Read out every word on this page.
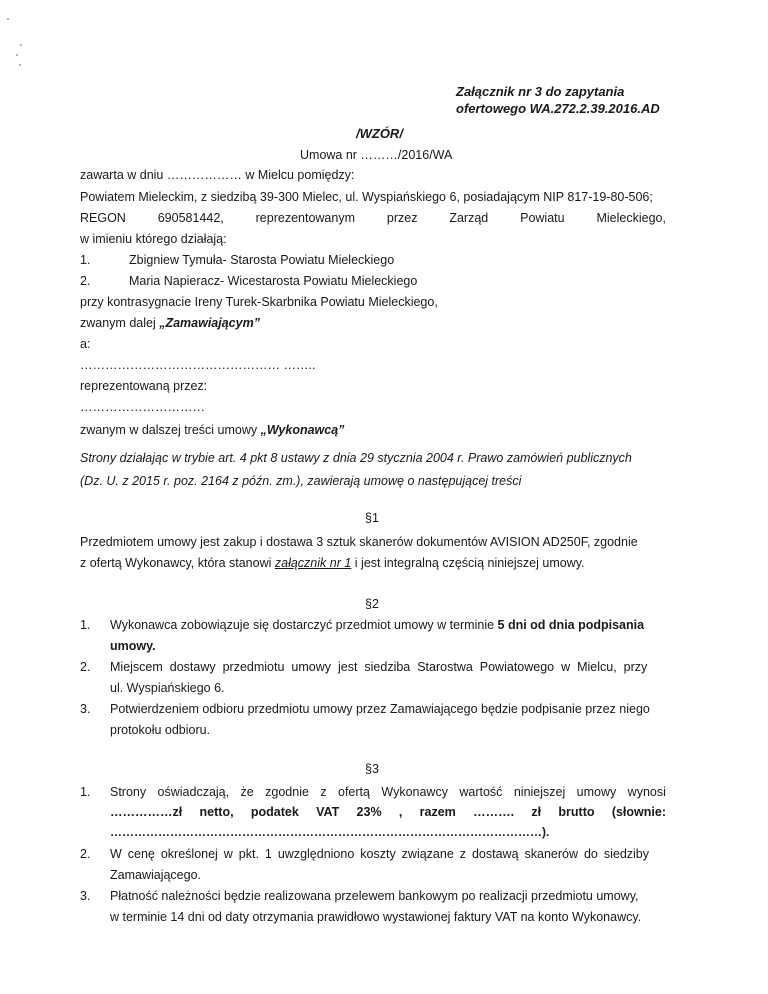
Załącznik nr 3 do zapytania
ofertowego WA.272.2.39.2016.AD
/WZÓR/
Umowa nr ………/2016/WA
zawarta w dniu ……………… w Mielcu pomiędzy:
Powiatem Mieleckim, z siedzibą 39-300 Mielec, ul. Wyspiańskiego 6, posiadającym NIP 817-19-80-506;
REGON	690581442,	reprezentowanym	przez	Zarząd	Powiatu	Mieleckiego,
w imieniu którego działają:
1.	Zbigniew Tymuła- Starosta Powiatu Mieleckiego
2.	Maria Napieracz- Wicestarosta Powiatu Mieleckiego
przy kontrasygnacie Ireny Turek-Skarbnika Powiatu Mieleckiego,
zwanym dalej „Zamawiającym”
a:
………………………………………… ……..
reprezentowaną przez:
…………………………
zwanym w dalszej treści umowy „Wykonawcą”
Strony działając w trybie art. 4 pkt 8 ustawy z dnia 29 stycznia 2004 r. Prawo zamówień publicznych
(Dz. U. z 2015 r. poz. 2164 z późn. zm.), zawierają umowę o następującej treści
§1
Przedmiotem umowy jest zakup i dostawa 3 sztuk skanerów dokumentów AVISION AD250F, zgodnie
z ofertą Wykonawcy, która stanowi załącznik nr 1 i jest integralną częścią niniejszej umowy.
§2
1. Wykonawca zobowiązuje się dostarczyć przedmiot umowy w terminie 5 dni od dnia podpisania
umowy.
2. Miejscem dostawy przedmiotu umowy jest siedziba Starostwa Powiatowego w Mielcu, przy
ul. Wyspiańskiego 6.
3. Potwierdzeniem odbioru przedmiotu umowy przez Zamawiającego będzie podpisanie przez niego
protokołu odbioru.
§3
1. Strony oświadczają, że zgodnie z ofertą Wykonawcy wartość niniejszej umowy wynosi
……………zł netto, podatek VAT 23% , razem ………. zł brutto (słownie:
………………………………………………………………………………………………).
2. W cenę określonej w pkt. 1 uwzględniono koszty związane z dostawą skanerów do siedziby
Zamawiającego.
3. Płatność należności będzie realizowana przelewem bankowym po realizacji przedmiotu umowy,
w terminie 14 dni od daty otrzymania prawidłowo wystawionej faktury VAT na konto Wykonawcy.
